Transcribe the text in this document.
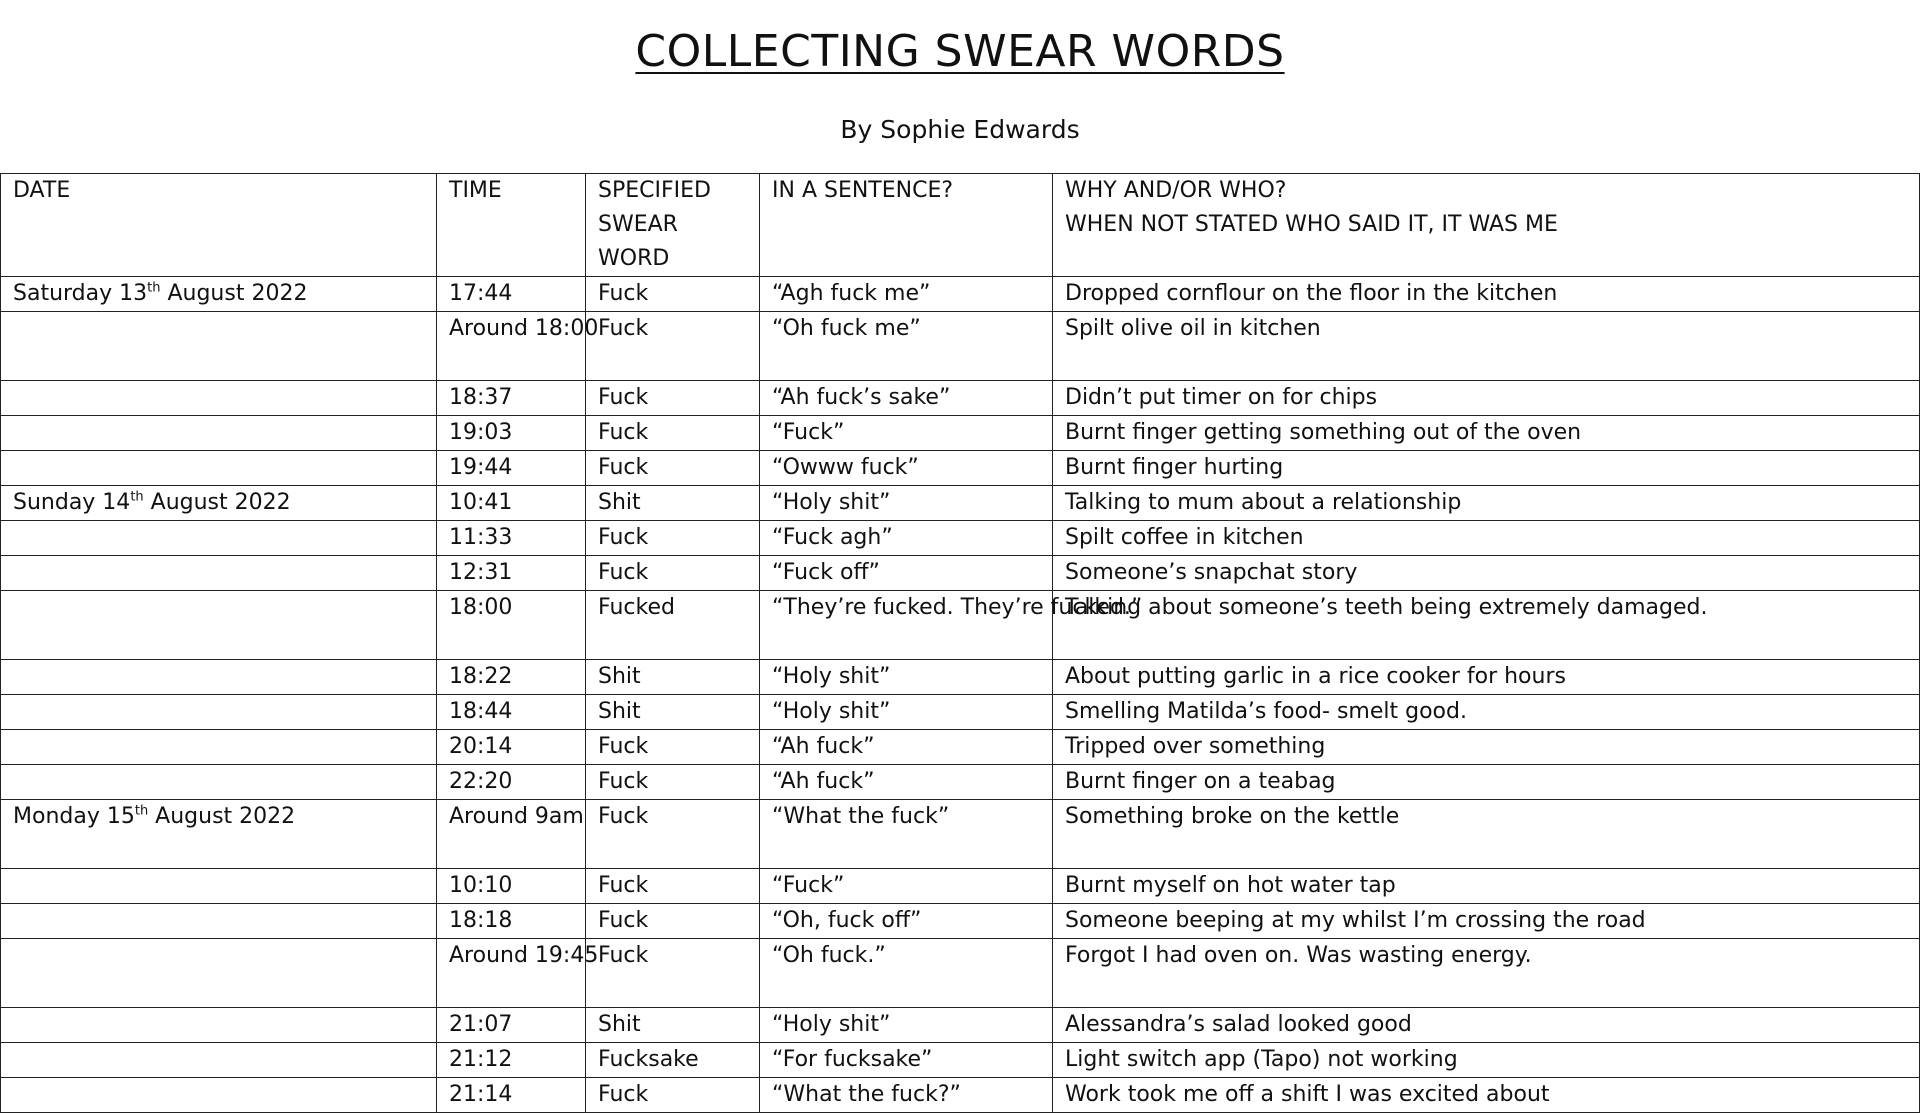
COLLECTING SWEAR WORDS
By Sophie Edwards
DATE	TIME	SPECIFIED SWEAR WORD	IN A SENTENCE?	WHY AND/OR WHO?
WHEN NOT STATED WHO SAID IT, IT WAS ME
Saturday 13th August 2022	17:44	Fuck	“Agh fuck me”	Dropped cornflour on the floor in the kitchen
	Around 18:00	Fuck	“Oh fuck me”	Spilt olive oil in kitchen
	18:37	Fuck	“Ah fuck’s sake”	Didn’t put timer on for chips
	19:03	Fuck	“Fuck”	Burnt finger getting something out of the oven
	19:44	Fuck	“Owww fuck”	Burnt finger hurting
Sunday 14th August 2022	10:41	Shit	“Holy shit”	Talking to mum about a relationship
	11:33	Fuck	“Fuck agh”	Spilt coffee in kitchen
	12:31	Fuck	“Fuck off”	Someone’s snapchat story
	18:00	Fucked	“They’re fucked. They’re fucked.”	Talking about someone’s teeth being extremely damaged.
	18:22	Shit	“Holy shit”	About putting garlic in a rice cooker for hours
	18:44	Shit	“Holy shit”	Smelling Matilda’s food- smelt good.
	20:14	Fuck	“Ah fuck”	Tripped over something
	22:20	Fuck	“Ah fuck”	Burnt finger on a teabag
Monday 15th August 2022	Around 9am	Fuck	“What the fuck”	Something broke on the kettle
	10:10	Fuck	“Fuck”	Burnt myself on hot water tap
	18:18	Fuck	“Oh, fuck off”	Someone beeping at my whilst I’m crossing the road
	Around 19:45	Fuck	“Oh fuck.”	Forgot I had oven on. Was wasting energy.
	21:07	Shit	“Holy shit”	Alessandra’s salad looked good
	21:12	Fucksake	“For fucksake”	Light switch app (Tapo) not working
	21:14	Fuck	“What the fuck?”	Work took me off a shift I was excited about
